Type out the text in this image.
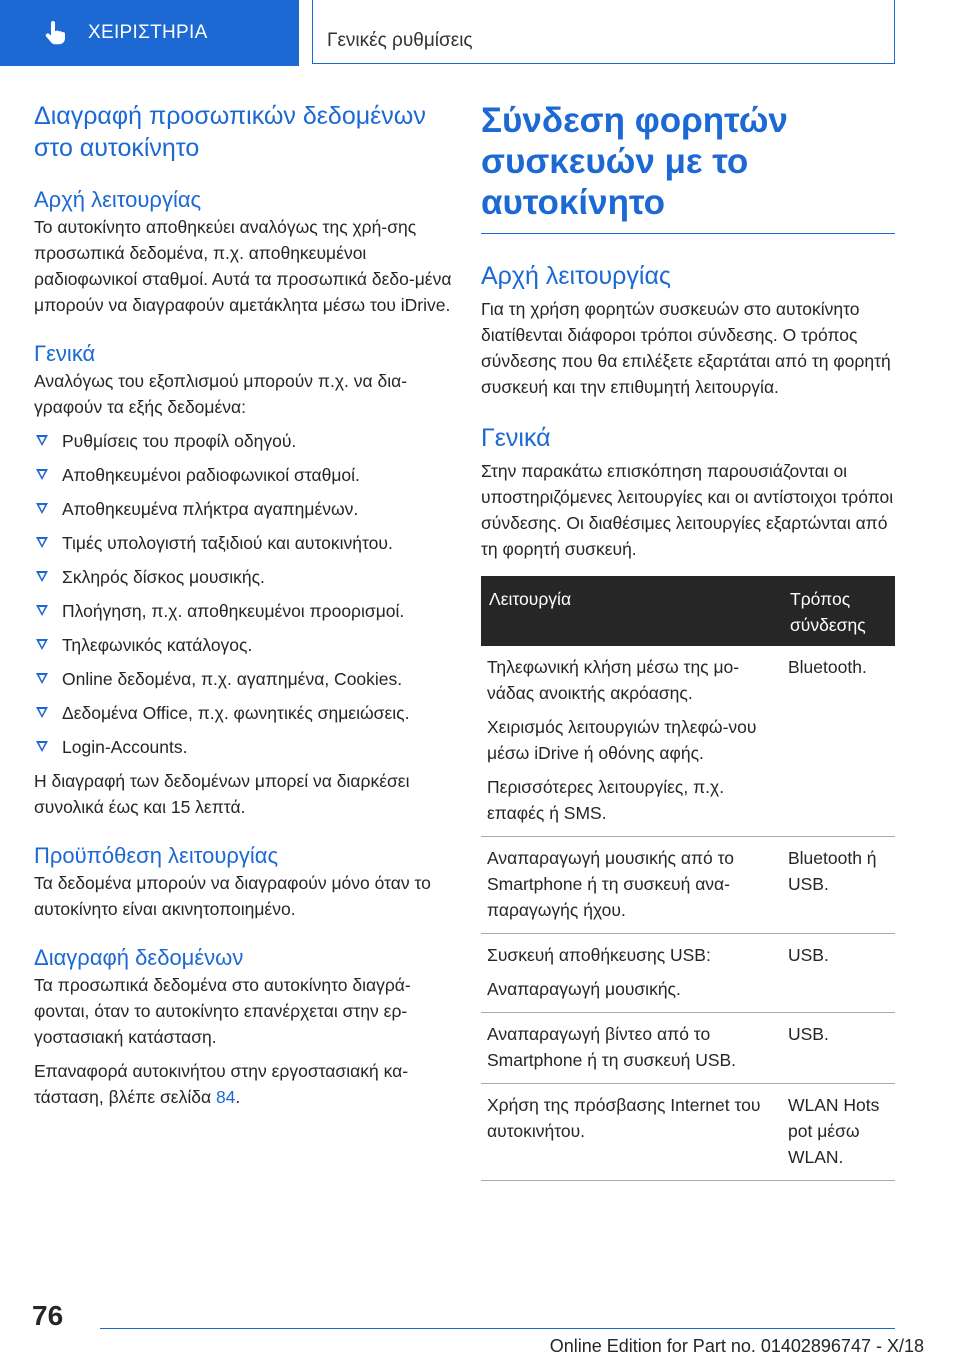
ΧΕΙΡΙΣΤΗΡΙΑ	Γενικές ρυθμίσεις
Διαγραφή προσωπικών δεδομένων στο αυτοκίνητο
Αρχή λειτουργίας

Το αυτοκίνητο αποθηκεύει αναλόγως της χρή‐σης προσωπικά δεδομένα, π.χ. αποθηκευμένοι ραδιοφωνικοί σταθμοί. Αυτά τα προσωπικά δεδο‐μένα μπορούν να διαγραφούν αμετάκλητα μέσω του iDrive.

Γενικά

Αναλόγως του εξοπλισμού μπορούν π.χ. να δια‐γραφούν τα εξής δεδομένα:

Ρυθμίσεις του προφίλ οδηγού.
Αποθηκευμένοι ραδιοφωνικοί σταθμοί.
Αποθηκευμένα πλήκτρα αγαπημένων.
Τιμές υπολογιστή ταξιδιού και αυτοκινήτου.
Σκληρός δίσκος μουσικής.
Πλοήγηση, π.χ. αποθηκευμένοι προορισμοί.
Τηλεφωνικός κατάλογος.
Online δεδομένα, π.χ. αγαπημένα, Cookies.
Δεδομένα Office, π.χ. φωνητικές σημειώσεις.
Login-Accounts.

Η διαγραφή των δεδομένων μπορεί να διαρκέσει συνολικά έως και 15 λεπτά.

Προϋπόθεση λειτουργίας

Τα δεδομένα μπορούν να διαγραφούν μόνο όταν το αυτοκίνητο είναι ακινητοποιημένο.

Διαγραφή δεδομένων

Τα προσωπικά δεδομένα στο αυτοκίνητο διαγρά‐φονται, όταν το αυτοκίνητο επανέρχεται στην ερ‐γοστασιακή κατάσταση.

Επαναφορά αυτοκινήτου στην εργοστασιακή κα‐τάσταση, βλέπε σελίδα 84.

Σύνδεση φορητών συσκευών με το αυτοκίνητο
Αρχή λειτουργίας

Για τη χρήση φορητών συσκευών στο αυτοκίνητο διατίθενται διάφοροι τρόποι σύνδεσης. Ο τρόπος σύνδεσης που θα επιλέξετε εξαρτάται από τη φορητή συσκευή και την επιθυμητή λειτουργία.

Γενικά

Στην παρακάτω επισκόπηση παρουσιάζονται οι υποστηριζόμενες λειτουργίες και οι αντίστοιχοι τρόποι σύνδεσης. Οι διαθέσιμες λειτουργίες εξαρτώνται από τη φορητή συσκευή.

Λειτουργία	Τρόπος σύνδεσης

Τηλεφωνική κλήση μέσω της μο‐νάδας ανοικτής ακρόασης.

Χειρισμός λειτουργιών τηλεφώ‐νου μέσω iDrive ή οθόνης αφής.

Περισσότερες λειτουργίες, π.χ. επαφές ή SMS.	Bluetooth.

Αναπαραγωγή μουσικής από το Smartphone ή τη συσκευή ανα‐παραγωγής ήχου.	Bluetooth ή USB.

Συσκευή αποθήκευσης USB:

Αναπαραγωγή μουσικής.	USB.

Αναπαραγωγή βίντεο από το Smartphone ή τη συσκευή USB.	USB.

Χρήση της πρόσβασης Internet του αυτοκινήτου.	WLAN Hots pot μέσω WLAN.
76
Online Edition for Part no. 01402896747 - X/18
